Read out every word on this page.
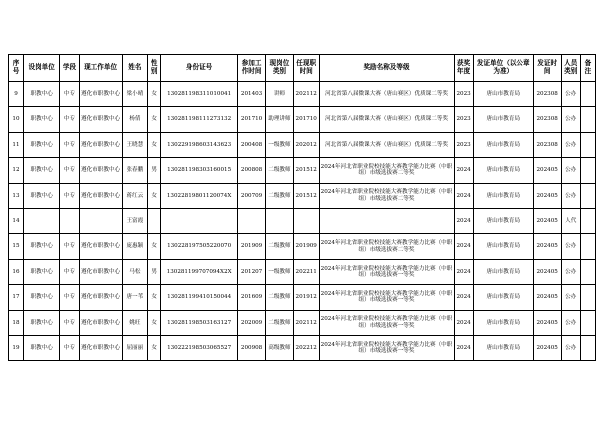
序号	设岗单位	学段	现工作单位	姓名	性别	身份证号	参加工作时间	现岗位类别	任现职时间	奖励名称及等级	获奖年度	发证单位（以公章为准）	发证时间	人员类别	备注
9	职教中心	中专	遵化市职教中心	梁小晴	女	130281198311010041	201403	讲师	202112	河北省第八届微课大赛（唐山赛区）优质课二等奖	2023	唐山市教育局	202308	公办	
10	职教中心	中专	遵化市职教中心	杨倩	女	130281198111273132	201710	助理讲师	201710	河北省第八届微课大赛（唐山赛区）优质课二等奖	2023	唐山市教育局	202308	公办	
11	职教中心	中专	遵化市职教中心	王晓慧	女	130229198603143623	200408	一级教师	202012	河北省第八届微课大赛（唐山赛区）优质课二等奖	2023	唐山市教育局	202308	公办	
12	职教中心	中专	遵化市职教中心	张春鹏	男	130281198303160015	200808	二级教师	201512	2024年河北省职业院校技能大赛教学能力比赛（中职组）市级选拔赛二等奖	2024	唐山市教育局	202405	公办	
13	职教中心	中专	遵化市职教中心	蒋红云	女	13022819801120074X	200709	二级教师	201512	2024年河北省职业院校技能大赛教学能力比赛（中职组）市级选拔赛二等奖	2024	唐山市教育局	202405	公办	
14				王富霞							2024	唐山市教育局	202405	人代	
15	职教中心	中专	遵化市职教中心	庞惠颖	女	130228197505220070	201909	二级教师	201909	2024年河北省职业院校技能大赛教学能力比赛（中职组）市级选拔赛二等奖	2024	唐山市教育局	202405	公办	
16	职教中心	中专	遵化市职教中心	马松	男	130281199707094X2X	201207	一级教师	202211	2024年河北省职业院校技能大赛教学能力比赛（中职组）市级选拔赛一等奖	2024	唐山市教育局	202405	公办	
17	职教中心	中专	遵化市职教中心	唐一苇	女	130281199410150044	201609	二级教师	201912	2024年河北省职业院校技能大赛教学能力比赛（中职组）市级选拔赛一等奖	2024	唐山市教育局	202405	公办	
18	职教中心	中专	遵化市职教中心	姚旺	女	130281198503163127	202009	二级教师	202112	2024年河北省职业院校技能大赛教学能力比赛（中职组）市级选拔赛一等奖	2024	唐山市教育局	202405	公办	
19	职教中心	中专	遵化市职教中心	屈丽丽	女	130222198503065527	200908	高级教师	202212	2024年河北省职业院校技能大赛教学能力比赛（中职组）市级选拔赛一等奖	2024	唐山市教育局	202405	公办	
